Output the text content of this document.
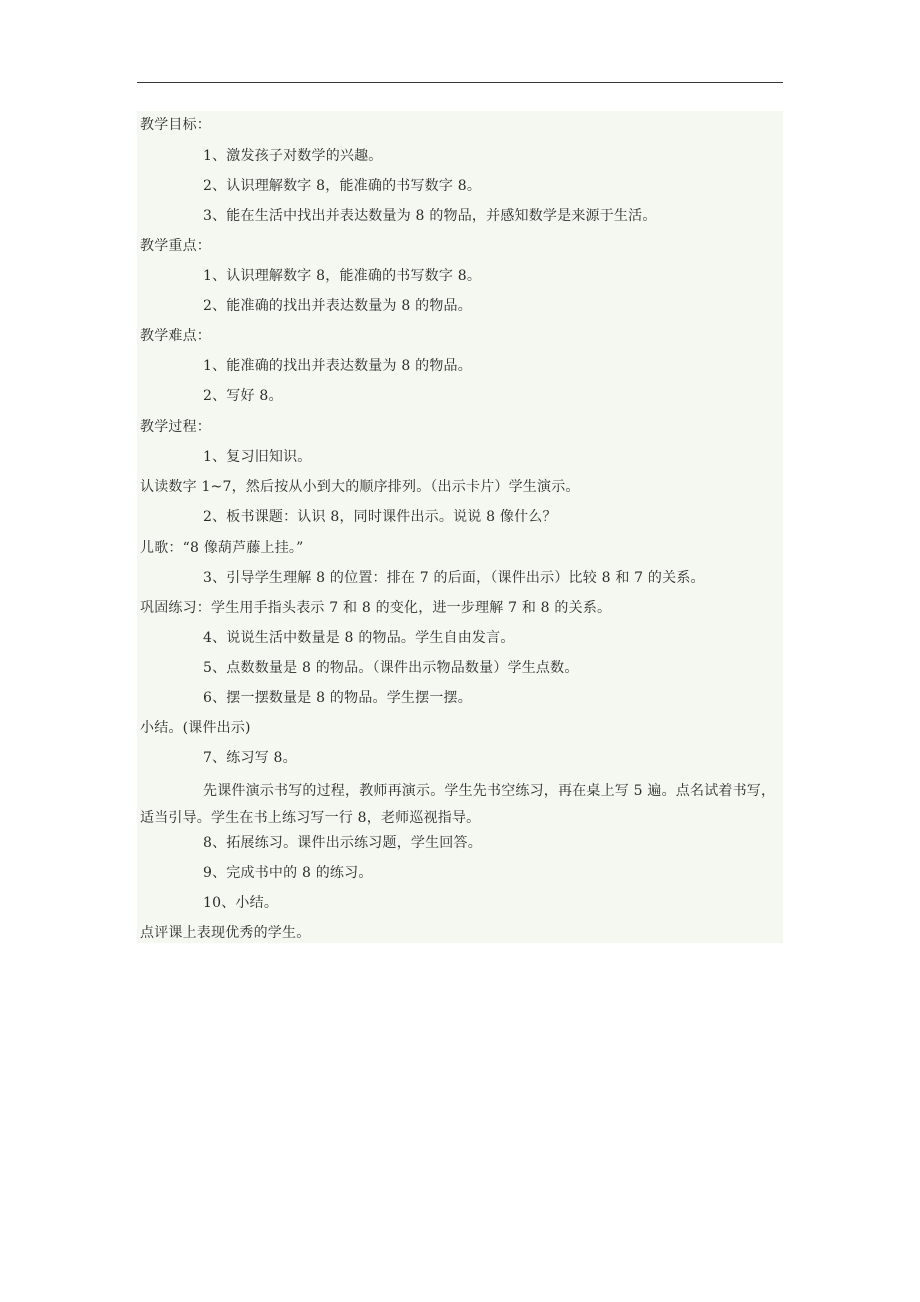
教学目标：
1、激发孩子对数学的兴趣。
2、认识理解数字 8，能准确的书写数字 8。
3、能在生活中找出并表达数量为 8 的物品，并感知数学是来源于生活。
教学重点：
1、认识理解数字 8，能准确的书写数字 8。
2、能准确的找出并表达数量为 8 的物品。
教学难点：
1、能准确的找出并表达数量为 8 的物品。
2、写好 8。
教学过程：
1、复习旧知识。
认读数字 1~7，然后按从小到大的顺序排列。（出示卡片）学生演示。
2、板书课题：认识 8，同时课件出示。说说 8 像什么？
儿歌：“8 像葫芦藤上挂。”
3、引导学生理解 8 的位置：排在 7 的后面，（课件出示）比较 8 和 7 的关系。
巩固练习：学生用手指头表示 7 和 8 的变化，进一步理解 7 和 8 的关系。
4、说说生活中数量是 8 的物品。学生自由发言。
5、点数数量是 8 的物品。（课件出示物品数量）学生点数。
6、摆一摆数量是 8 的物品。学生摆一摆。
小结。(课件出示)
7、练习写 8。
先课件演示书写的过程，教师再演示。学生先书空练习，再在桌上写 5 遍。点名试着书写，适当引导。学生在书上练习写一行 8，老师巡视指导。
8、拓展练习。课件出示练习题，学生回答。
9、完成书中的 8 的练习。
10、小结。
点评课上表现优秀的学生。
